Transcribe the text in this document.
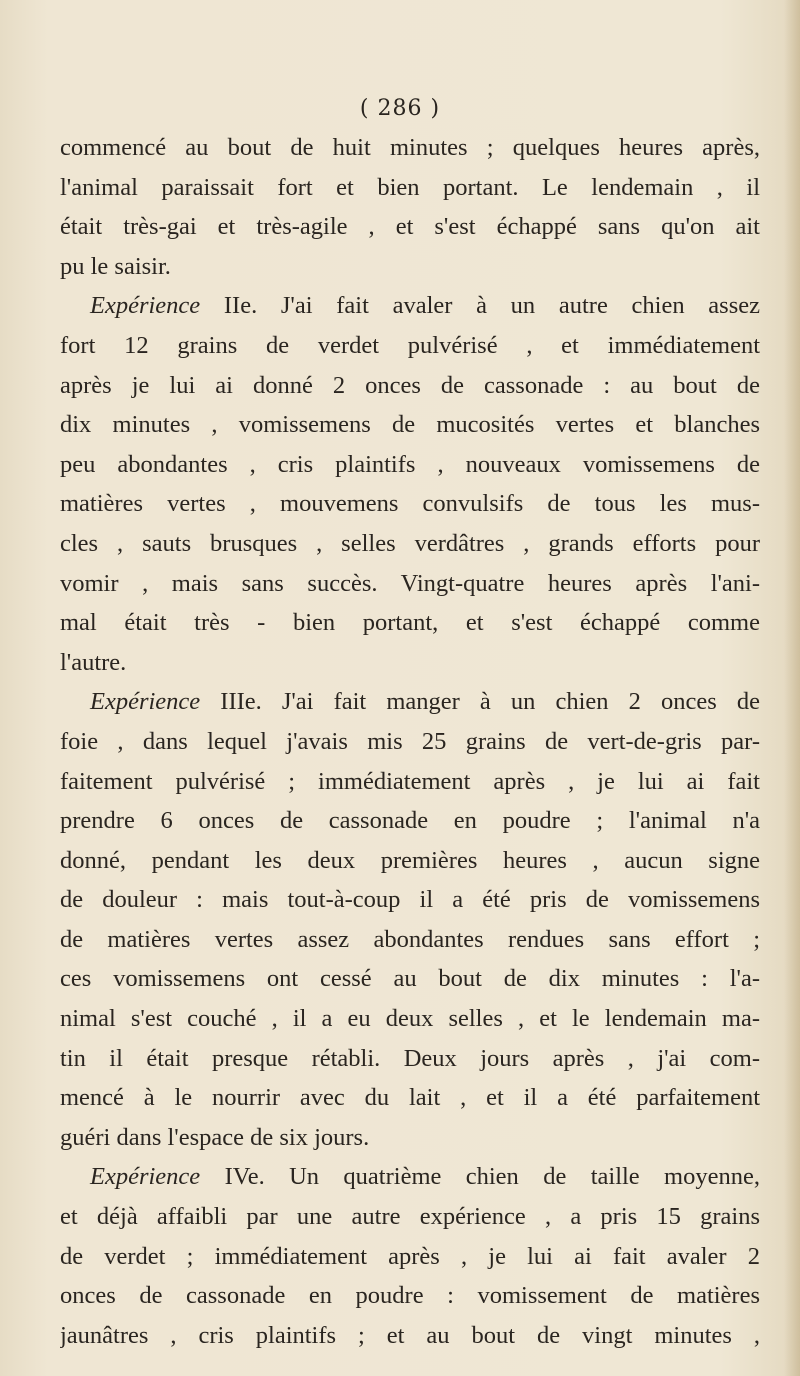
( 286 )
commencé au bout de huit minutes ; quelques heures après,
l'animal paraissait fort et bien portant. Le lendemain , il
était très-gai et très-agile , et s'est échappé sans qu'on ait
pu le saisir.
Expérience IIe. J'ai fait avaler à un autre chien assez
fort 12 grains de verdet pulvérisé , et immédiatement
après je lui ai donné 2 onces de cassonade : au bout de
dix minutes , vomissemens de mucosités vertes et blanches
peu abondantes , cris plaintifs , nouveaux vomissemens de
matières vertes , mouvemens convulsifs de tous les mus-
cles , sauts brusques , selles verdâtres , grands efforts pour
vomir , mais sans succès. Vingt-quatre heures après l'ani-
mal était très - bien portant, et s'est échappé comme
l'autre.
Expérience IIIe. J'ai fait manger à un chien 2 onces de
foie , dans lequel j'avais mis 25 grains de vert-de-gris par-
faitement pulvérisé ; immédiatement après , je lui ai fait
prendre 6 onces de cassonade en poudre ; l'animal n'a
donné, pendant les deux premières heures , aucun signe
de douleur : mais tout-à-coup il a été pris de vomissemens
de matières vertes assez abondantes rendues sans effort ;
ces vomissemens ont cessé au bout de dix minutes : l'a-
nimal s'est couché , il a eu deux selles , et le lendemain ma-
tin il était presque rétabli. Deux jours après , j'ai com-
mencé à le nourrir avec du lait , et il a été parfaitement
guéri dans l'espace de six jours.
Expérience IVe. Un quatrième chien de taille moyenne,
et déjà affaibli par une autre expérience , a pris 15 grains
de verdet ; immédiatement après , je lui ai fait avaler 2
onces de cassonade en poudre : vomissement de matières
jaunâtres , cris plaintifs ; et au bout de vingt minutes ,
